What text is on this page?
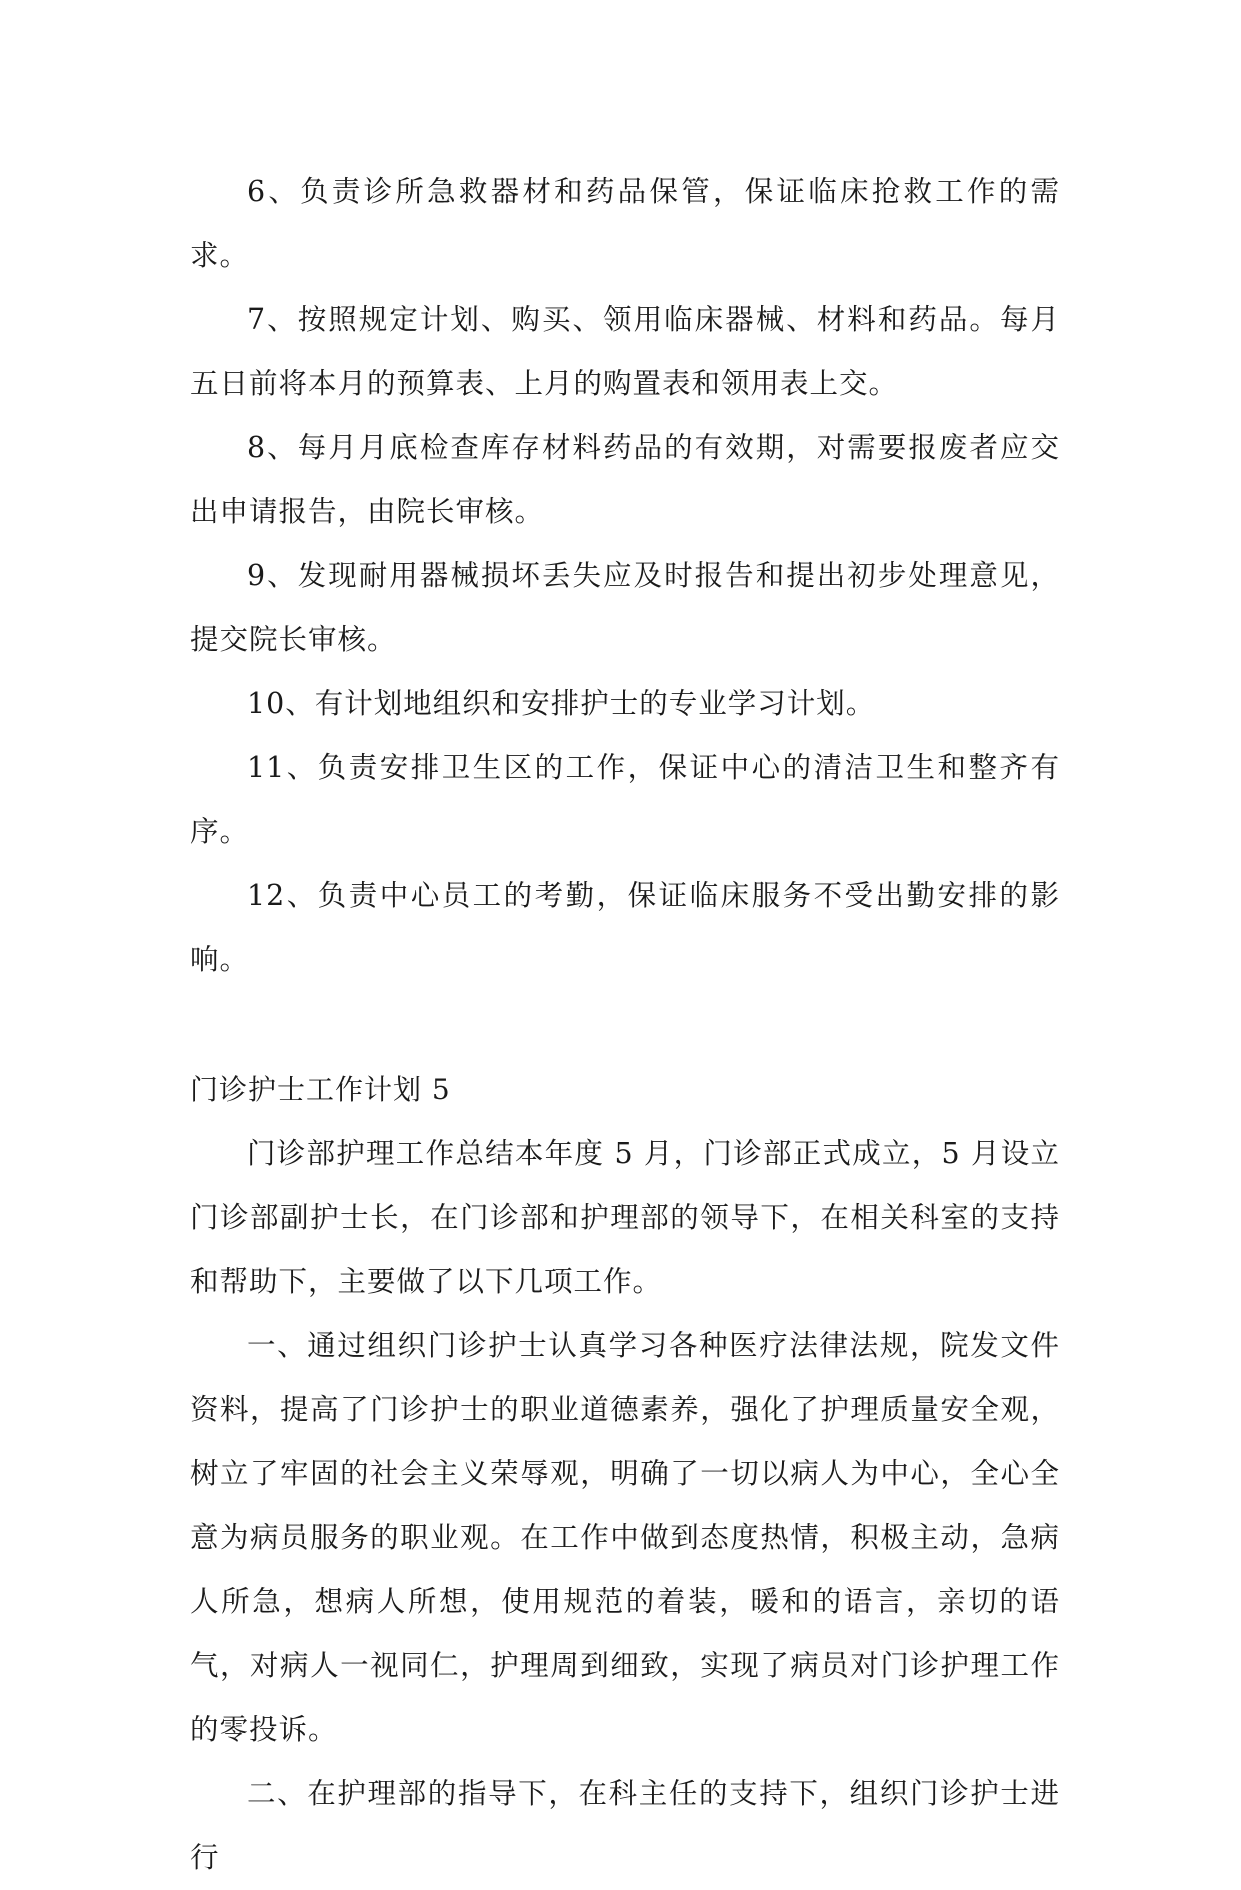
6、负责诊所急救器材和药品保管，保证临床抢救工作的需求。

7、按照规定计划、购买、领用临床器械、材料和药品。每月五日前将本月的预算表、上月的购置表和领用表上交。

8、每月月底检查库存材料药品的有效期，对需要报废者应交出申请报告，由院长审核。

9、发现耐用器械损坏丢失应及时报告和提出初步处理意见，提交院长审核。

10、有计划地组织和安排护士的专业学习计划。

11、负责安排卫生区的工作，保证中心的清洁卫生和整齐有序。

12、负责中心员工的考勤，保证临床服务不受出勤安排的影响。

门诊护士工作计划 5

门诊部护理工作总结本年度 5 月，门诊部正式成立，5 月设立门诊部副护士长，在门诊部和护理部的领导下，在相关科室的支持和帮助下，主要做了以下几项工作。

一、通过组织门诊护士认真学习各种医疗法律法规，院发文件资料，提高了门诊护士的职业道德素养，强化了护理质量安全观，树立了牢固的社会主义荣辱观，明确了一切以病人为中心，全心全意为病员服务的职业观。在工作中做到态度热情，积极主动，急病人所急，想病人所想，使用规范的着装，暖和的语言，亲切的语气，对病人一视同仁，护理周到细致，实现了病员对门诊护理工作的零投诉。

二、在护理部的指导下，在科主任的支持下，组织门诊护士进行
